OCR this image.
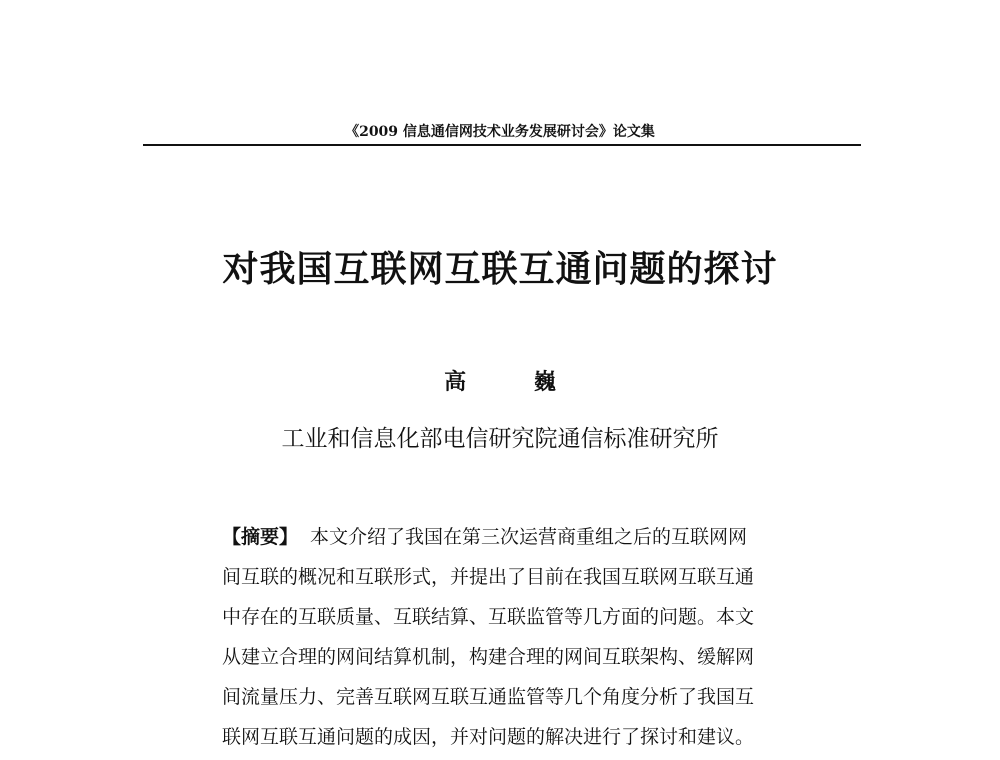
《2009 信息通信网技术业务发展研讨会》论文集
对我国互联网互联互通问题的探讨
高 巍
工业和信息化部电信研究院通信标准研究所
【摘要】 本文介绍了我国在第三次运营商重组之后的互联网网
间互联的概况和互联形式，并提出了目前在我国互联网互联互通
中存在的互联质量、互联结算、互联监管等几方面的问题。本文
从建立合理的网间结算机制，构建合理的网间互联架构、缓解网
间流量压力、完善互联网互联互通监管等几个角度分析了我国互
联网互联互通问题的成因，并对问题的解决进行了探讨和建议。
